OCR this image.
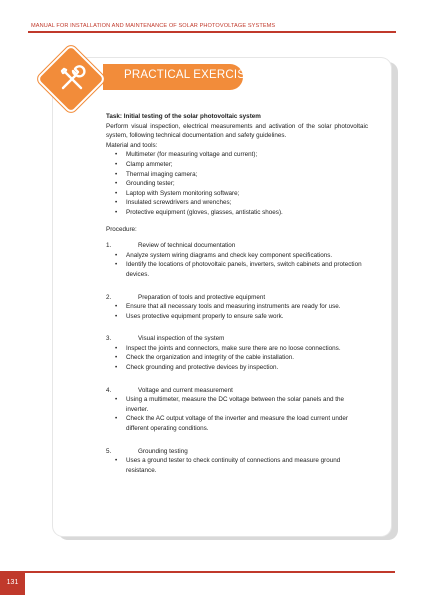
MANUAL FOR INSTALLATION AND MAINTENANCE OF SOLAR PHOTOVOLTAGE SYSTEMS
PRACTICAL EXERCISE
Task: Initial testing of the solar photovoltaic system
Perform visual inspection, electrical measurements and activation of the solar photovoltaic system, following technical documentation and safety guidelines.
Material and tools:
• Multimeter (for measuring voltage and current);
• Clamp ammeter;
• Thermal imaging camera;
• Grounding tester;
• Laptop with System monitoring software;
• Insulated screwdrivers and wrenches;
• Protective equipment (gloves, glasses, antistatic shoes).
Procedure:
1.	Review of technical documentation
• Analyze system wiring diagrams and check key component specifications.
• Identify the locations of photovoltaic panels, inverters, switch cabinets and protection devices.
2.	Preparation of tools and protective equipment
• Ensure that all necessary tools and measuring instruments are ready for use.
• Uses protective equipment properly to ensure safe work.
3.	Visual inspection of the system
• Inspect the joints and connectors, make sure there are no loose connections.
• Check the organization and integrity of the cable installation.
• Check grounding and protective devices by inspection.
4.	Voltage and current measurement
• Using a multimeter, measure the DC voltage between the solar panels and the inverter.
• Check the AC output voltage of the inverter and measure the load current under different operating conditions.
5.	Grounding testing
• Uses a ground tester to check continuity of connections and measure ground resistance.
131
